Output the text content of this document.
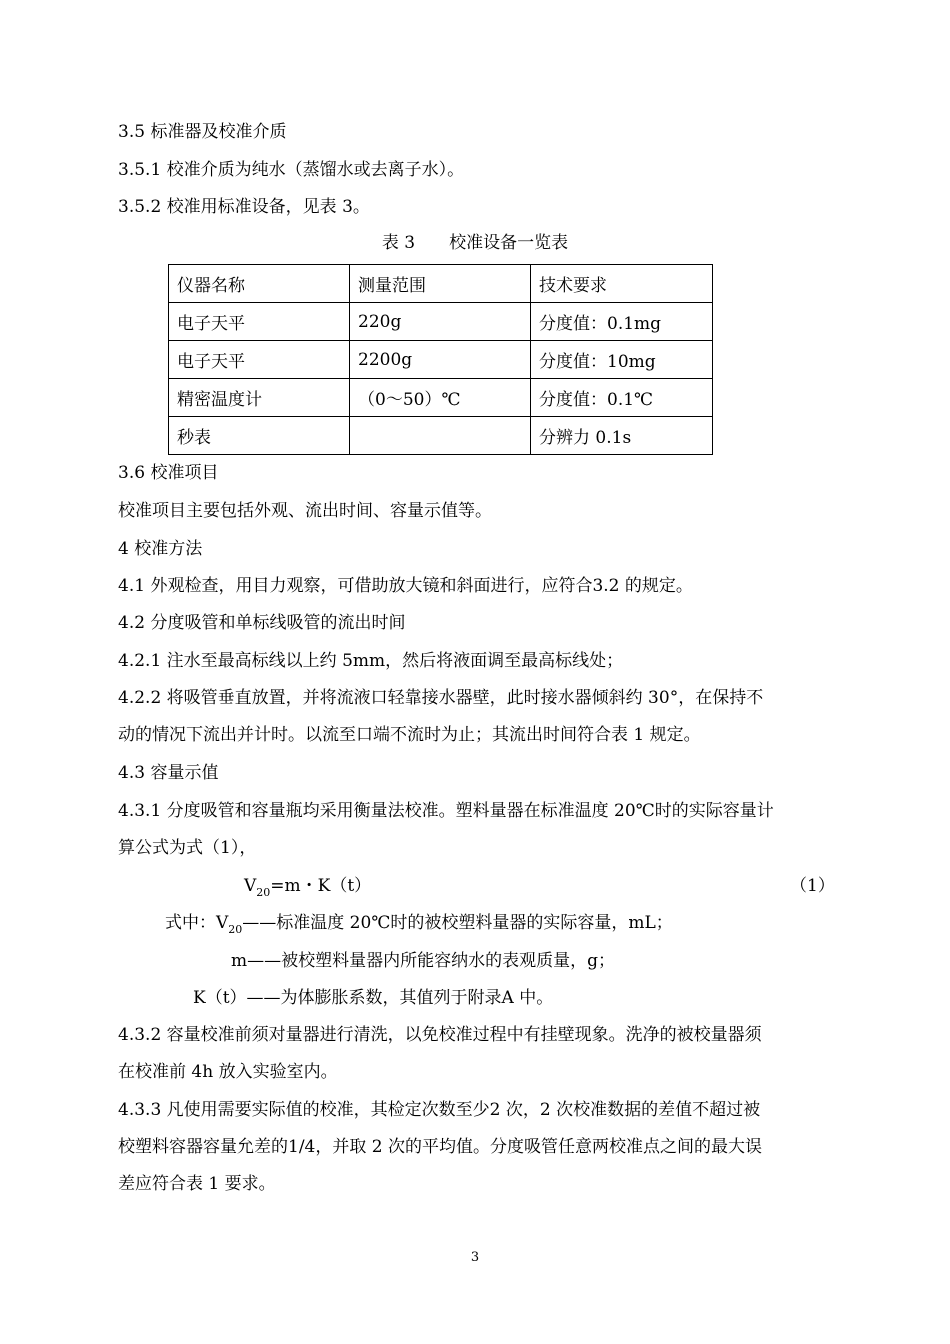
3.5 标准器及校准介质
3.5.1 校准介质为纯水（蒸馏水或去离子水）。
3.5.2 校准用标准设备，见表 3。
表 3　　校准设备一览表
仪器名称	测量范围	技术要求
电子天平	220g	分度值：0.1mg
电子天平	2200g	分度值：10mg
精密温度计	（0～50）℃	分度值：0.1℃
秒表		分辨力 0.1s
3.6 校准项目
校准项目主要包括外观、流出时间、容量示值等。
4 校准方法
4.1 外观检查，用目力观察，可借助放大镜和斜面进行，应符合3.2 的规定。
4.2 分度吸管和单标线吸管的流出时间
4.2.1 注水至最高标线以上约 5mm，然后将液面调至最高标线处；
4.2.2 将吸管垂直放置，并将流液口轻靠接水器壁，此时接水器倾斜约 30°，在保持不
动的情况下流出并计时。以流至口端不流时为止；其流出时间符合表 1 规定。
4.3 容量示值
4.3.1 分度吸管和容量瓶均采用衡量法校准。塑料量器在标准温度 20℃时的实际容量计
算公式为式（1），
$V_{20}=m$・K（t）	（1）
式中：$V_{20}——$标准温度 20℃时的被校塑料量器的实际容量，mL；
m——被校塑料量器内所能容纳水的表观质量，g；
K（t）——为体膨胀系数，其值列于附录A 中。
4.3.2 容量校准前须对量器进行清洗，以免校准过程中有挂壁现象。洗净的被校量器须
在校准前 4h 放入实验室内。
4.3.3 凡使用需要实际值的校准，其检定次数至少2 次，2 次校准数据的差值不超过被
校塑料容器容量允差的1/4，并取 2 次的平均值。分度吸管任意两校准点之间的最大误
差应符合表 1 要求。
3
